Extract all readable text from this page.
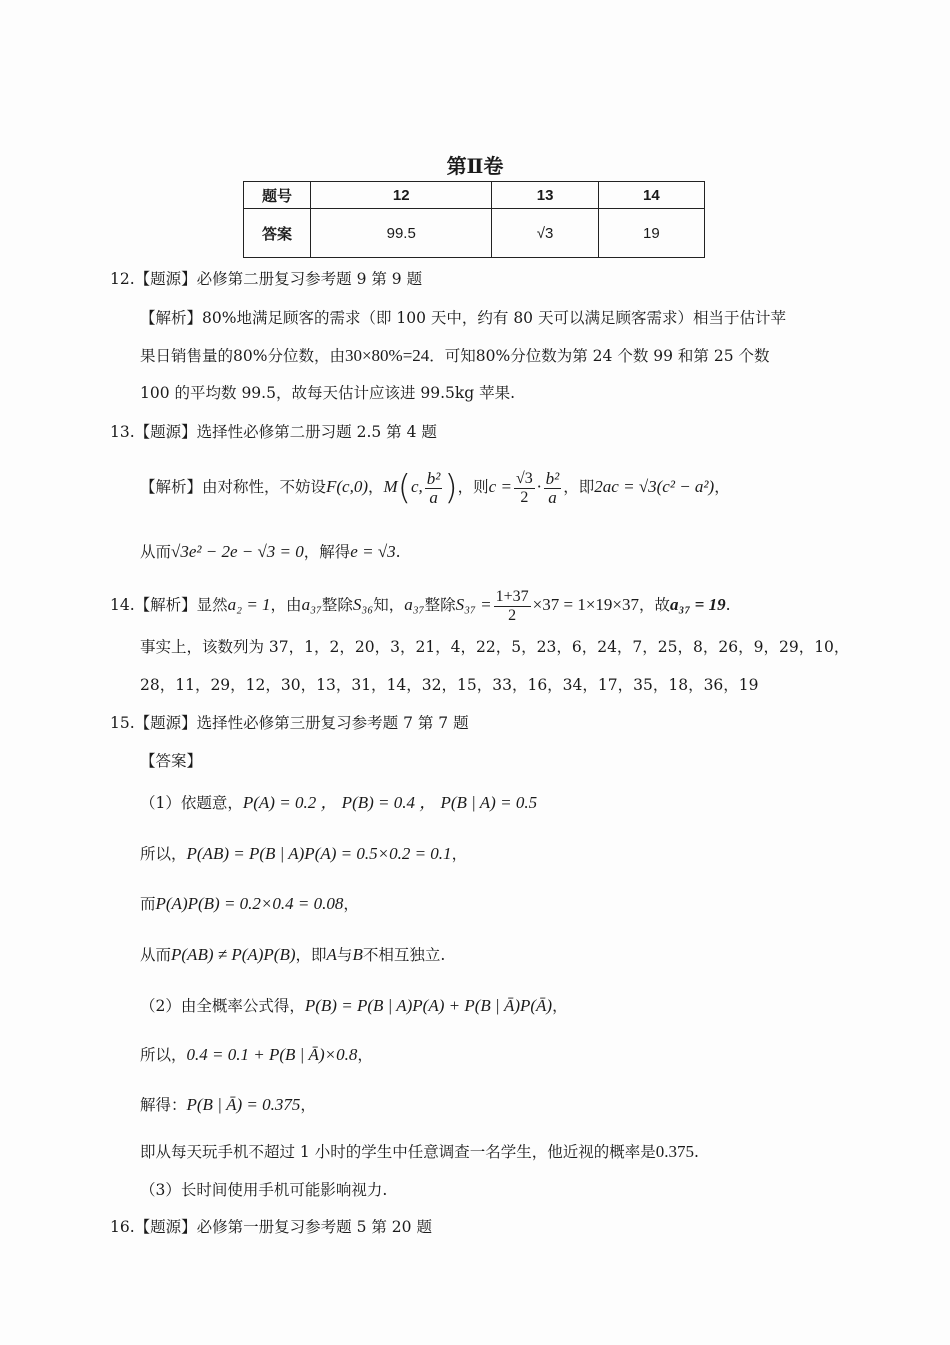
第Ⅱ卷
题号	12	13	14
答案	99.5	√3	19
12.【题源】必修第二册复习参考题 9 第 9 题
【解析】80%地满足顾客的需求（即 100 天中，约有 80 天可以满足顾客需求）相当于估计苹
果日销售量的80%分位数，由30×80%=24．可知80%分位数为第 24 个数 99 和第 25 个数
100 的平均数 99.5，故每天估计应该进 99.5kg 苹果.
13.【题源】选择性必修第二册习题 2.5 第 4 题
【解析】由对称性，不妨设F(c,0)，M(c, $\frac{\text{b²}}{a}$ )，则$c = \frac{√3}{2} \cdot \frac{\text{b²}}{a}$ ，即2ac = √3(c² − a²)，
从而√3e² − 2e − √3 = 0，解得e = √3.
14.【解析】显然a₂ = 1，由a₃₇整除S₃₆知，a₃₇整除$S_{37} = \frac{1+37}{2} \times 37 = 1\times 19\times 37$，故a₃₇ = 19.
事实上，该数列为 37，1，2，20，3，21，4，22，5，23，6，24，7，25，8，26，9，29，10，
28，11，29，12，30，13，31，14，32，15，33，16，34，17，35，18，36，19
15.【题源】选择性必修第三册复习参考题 7 第 7 题
【答案】
（1）依题意，P(A) = 0.2 ， P(B) = 0.4 ， P(B | A) = 0.5
所以，P(AB) = P(B | A)P(A) = 0.5×0.2 = 0.1，
而P(A)P(B) = 0.2×0.4 = 0.08，
从而P(AB) ≠ P(A)P(B)，即A与B不相互独立.
（2）由全概率公式得，P(B) = P(B | A)P(A) + P(B | Ā)P(Ā)，
所以，0.4 = 0.1 + P(B | Ā)×0.8，
解得：P(B | Ā) = 0.375，
即从每天玩手机不超过 1 小时的学生中任意调查一名学生，他近视的概率是0.375.
（3）长时间使用手机可能影响视力.
16.【题源】必修第一册复习参考题 5 第 20 题
